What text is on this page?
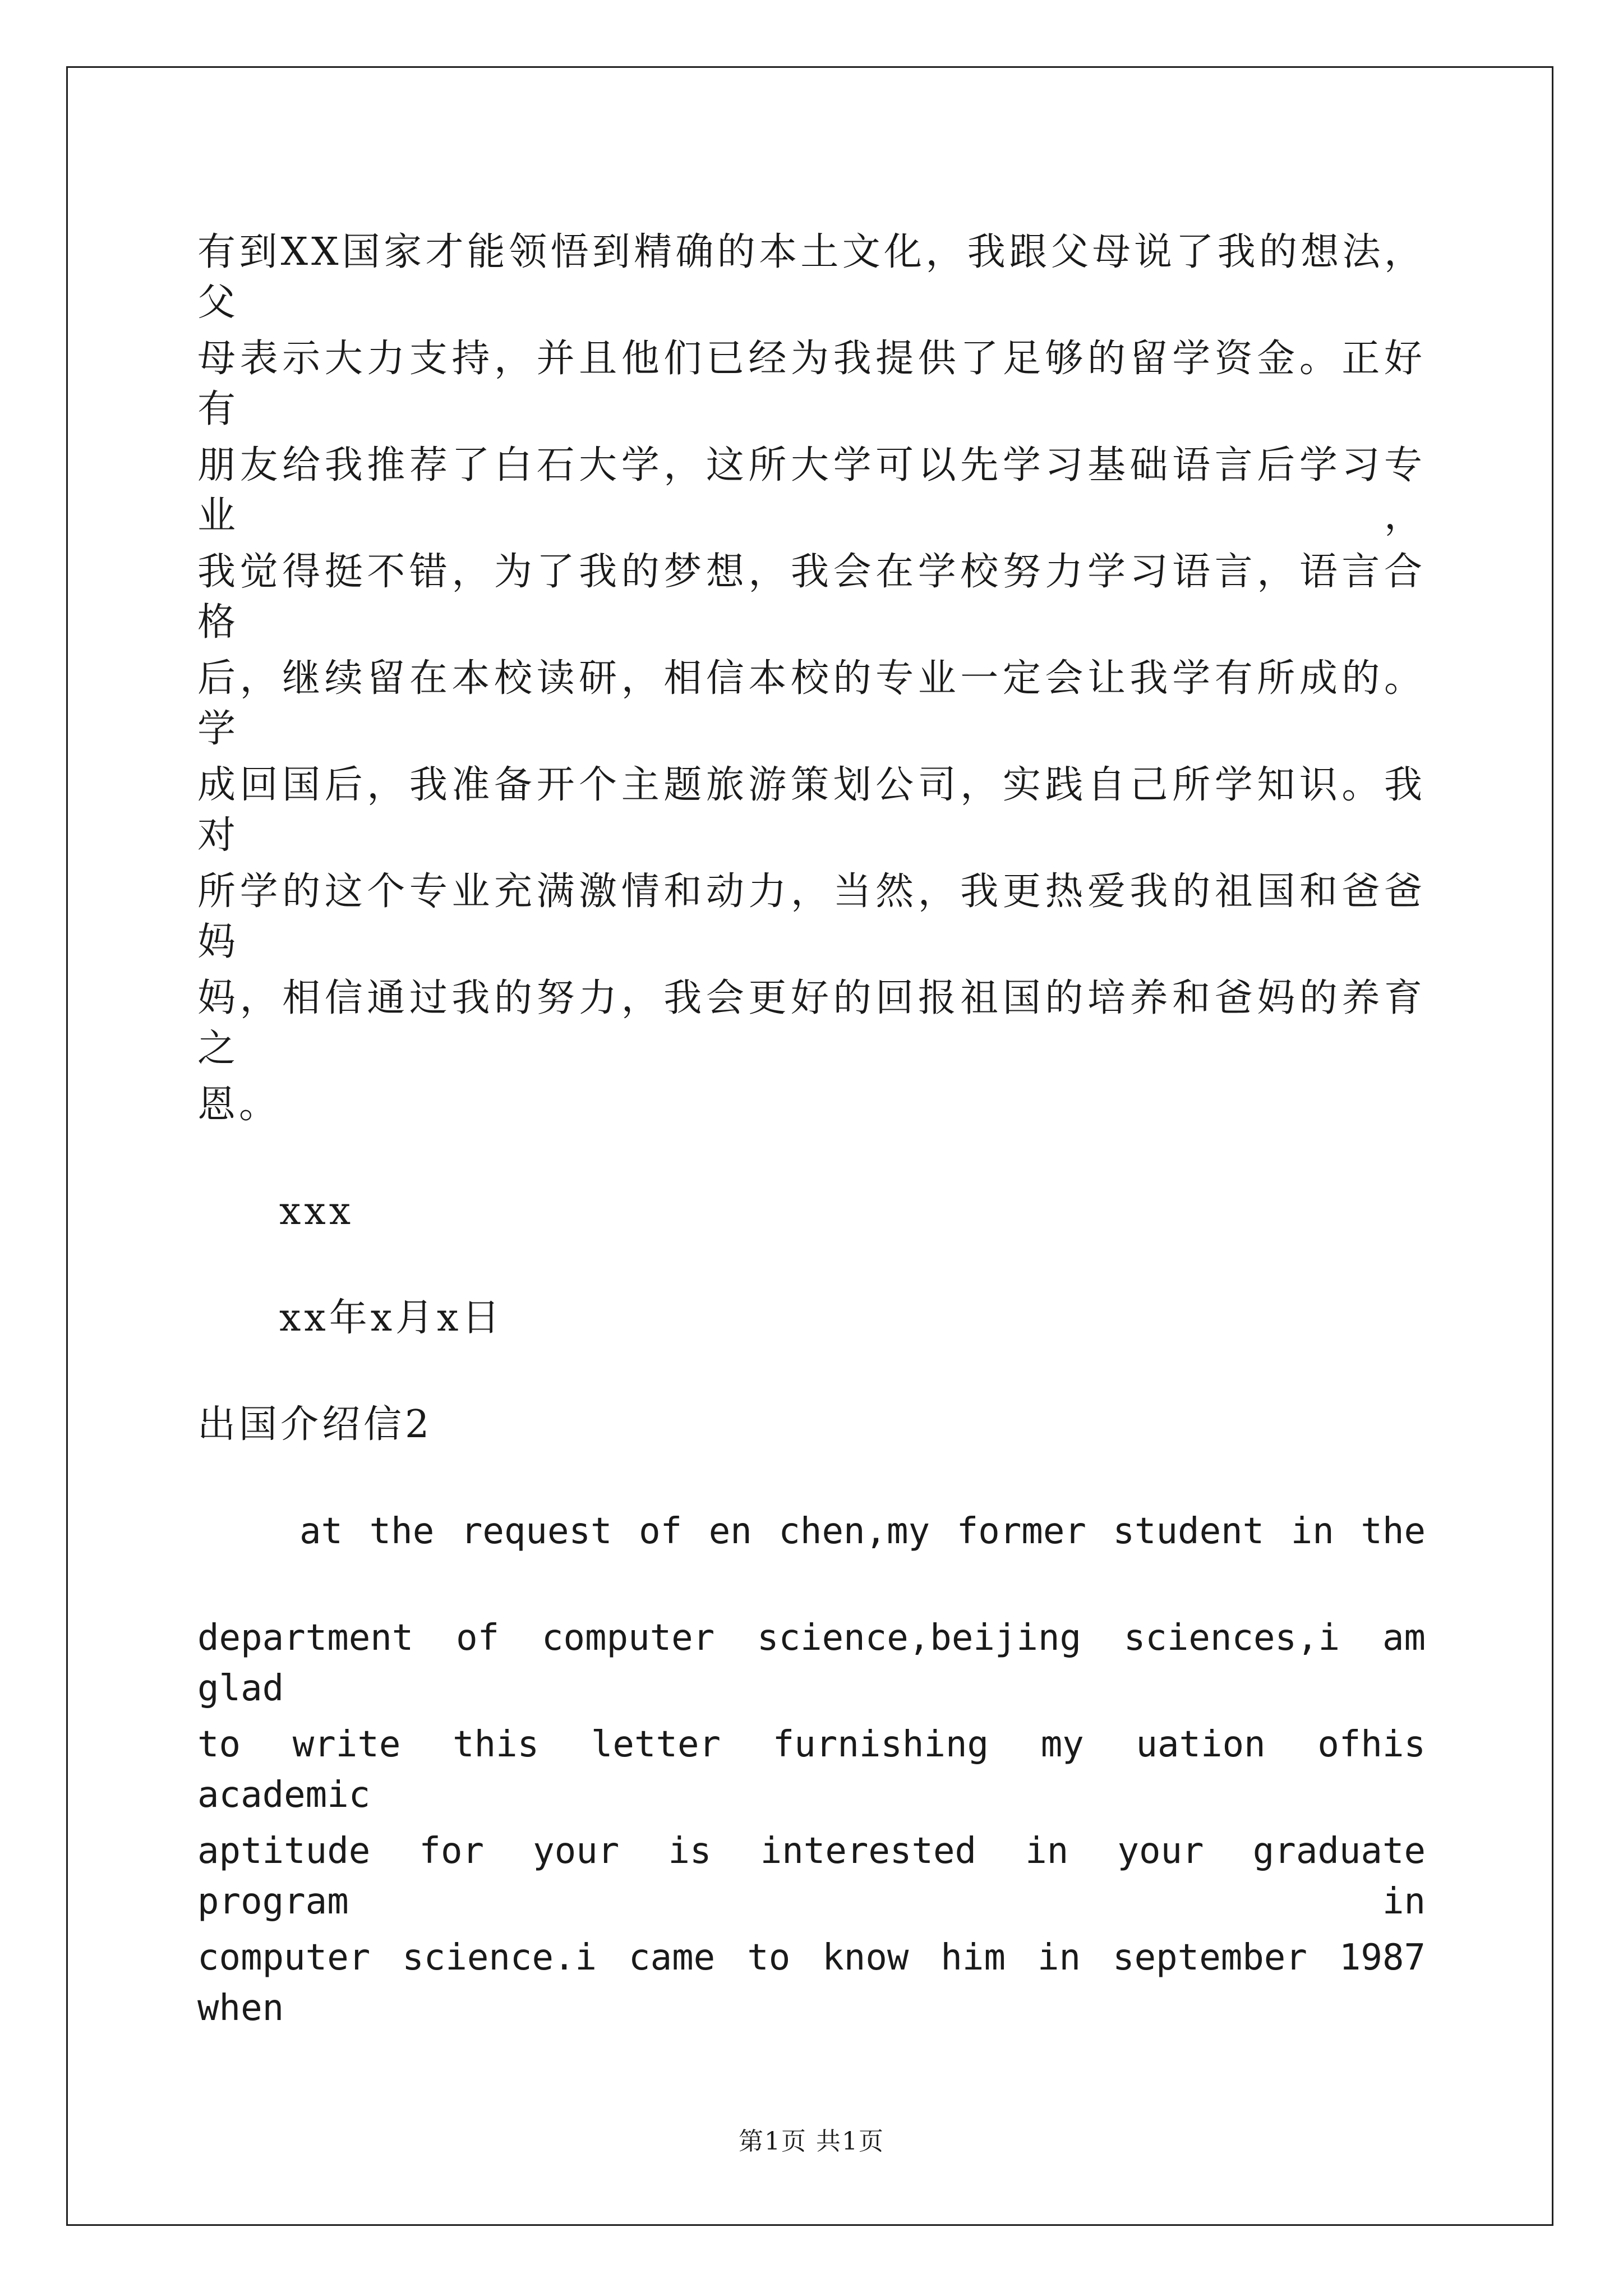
有到XX国家才能领悟到精确的本土文化，我跟父母说了我的想法，父
母表示大力支持，并且他们已经为我提供了足够的留学资金。正好有
朋友给我推荐了白石大学，这所大学可以先学习基础语言后学习专业，
我觉得挺不错，为了我的梦想，我会在学校努力学习语言，语言合格
后，继续留在本校读研，相信本校的专业一定会让我学有所成的。学
成回国后，我准备开个主题旅游策划公司，实践自己所学知识。我对
所学的这个专业充满激情和动力，当然，我更热爱我的祖国和爸爸妈
妈，相信通过我的努力，我会更好的回报祖国的培养和爸妈的养育之
恩。
xxx
xx年x月x日
出国介绍信2
at the request of en chen,my former student in the
department of computer science,beijing sciences,i am glad
to write this letter furnishing my uation ofhis academic
aptitude for your is interested in your graduate program in
computer science.i came to know him in september 1987 when
第1页 共1页
